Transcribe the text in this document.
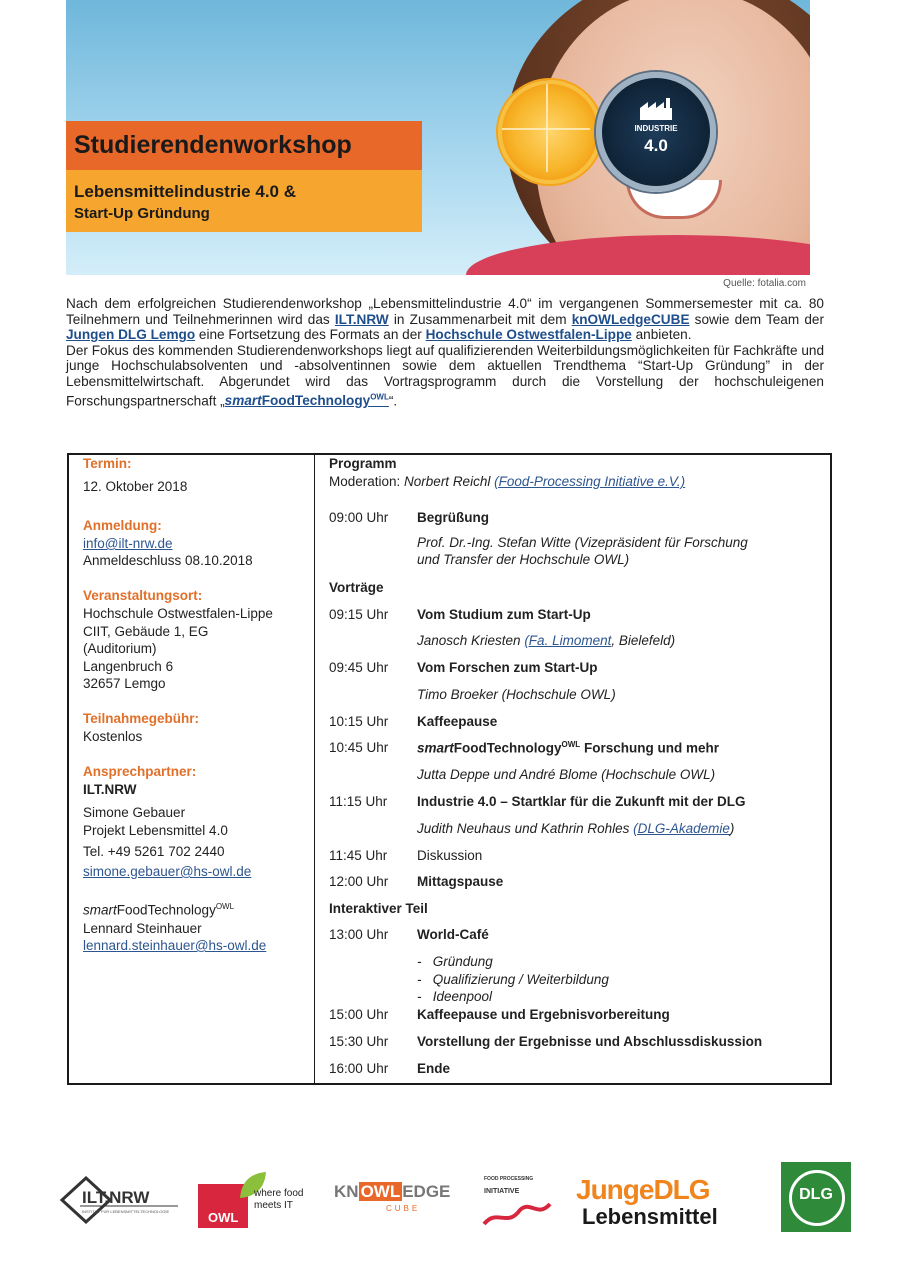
INDUSTRIE
4.0
Studierendenworkshop
Lebensmittelindustrie 4.0 &
Start-Up Gründung
Quelle: fotalia.com

Nach dem erfolgreichen Studierendenworkshop „Lebensmittelindustrie 4.0“ im vergangenen Sommersemester mit ca. 80 Teilnehmern und Teilnehmerinnen wird das ILT.NRW in Zusammenarbeit mit dem knOWLedgeCUBE sowie dem Team der Jungen DLG Lemgo eine Fortsetzung des Formats an der Hochschule Ostwestfalen-Lippe anbieten.

Der Fokus des kommenden Studierendenworkshops liegt auf qualifizierenden Weiterbildungsmöglichkeiten für Fachkräfte und junge Hochschulabsolventen und -absolventinnen sowie dem aktuellen Trendthema “Start-Up Gründung” in der Lebensmittelwirtschaft. Abgerundet wird das Vortragsprogramm durch die Vorstellung der hochschuleigenen Forschungspartnerschaft „smartFoodTechnology$^{OWL}$“.

Termin:
12. Oktober 2018
Anmeldung:
info@ilt-nrw.de
Anmeldeschluss 08.10.2018
Veranstaltungsort:
Hochschule Ostwestfalen-Lippe
CIIT, Gebäude 1, EG
(Auditorium)
Langenbruch 6
32657 Lemgo
Teilnahmegebühr:
Kostenlos
Ansprechpartner:
ILT.NRW
Simone Gebauer
Projekt Lebensmittel 4.0
Tel. +49 5261 702 2440
simone.gebauer@hs-owl.de
smartFoodTechnology$^{OWL}$
Lennard Steinhauer
lennard.steinhauer@hs-owl.de
Programm
Moderation: Norbert Reichl (Food-Processing Initiative e.V.)
09:00 Uhr Begrüßung
Prof. Dr.-Ing. Stefan Witte (Vizepräsident für Forschung
und Transfer der Hochschule OWL)
Vorträge
09:15 Uhr Vom Studium zum Start-Up
Janosch Kriesten (Fa. Limoment, Bielefeld)
09:45 Uhr Vom Forschen zum Start-Up
Timo Broeker (Hochschule OWL)
10:15 Uhr Kaffeepause
10:45 Uhr smartFoodTechnology$^{OWL}$ Forschung und mehr
Jutta Deppe und André Blome (Hochschule OWL)
11:15 Uhr Industrie 4.0 – Startklar für die Zukunft mit der DLG
Judith Neuhaus und Kathrin Rohles (DLG-Akademie)
11:45 Uhr Diskussion
12:00 Uhr Mittagspause
Interaktiver Teil
13:00 Uhr World-Café
-   Gründung
-   Qualifizierung / Weiterbildung
-   Ideenpool
15:00 Uhr Kaffeepause und Ergebnisvorbereitung
15:30 Uhr Vorstellung der Ergebnisse und Abschlussdiskussion
16:00 Uhr Ende
ILT.NRW
INSTITUT FÜR LEBENSMITTELTECHNOLOGIE	OWL
where food
meets IT
KN OWL EDGE
CUBE
FOOD PROCESSING
INITIATIVE JungeDLG
Lebensmittel
DLG
